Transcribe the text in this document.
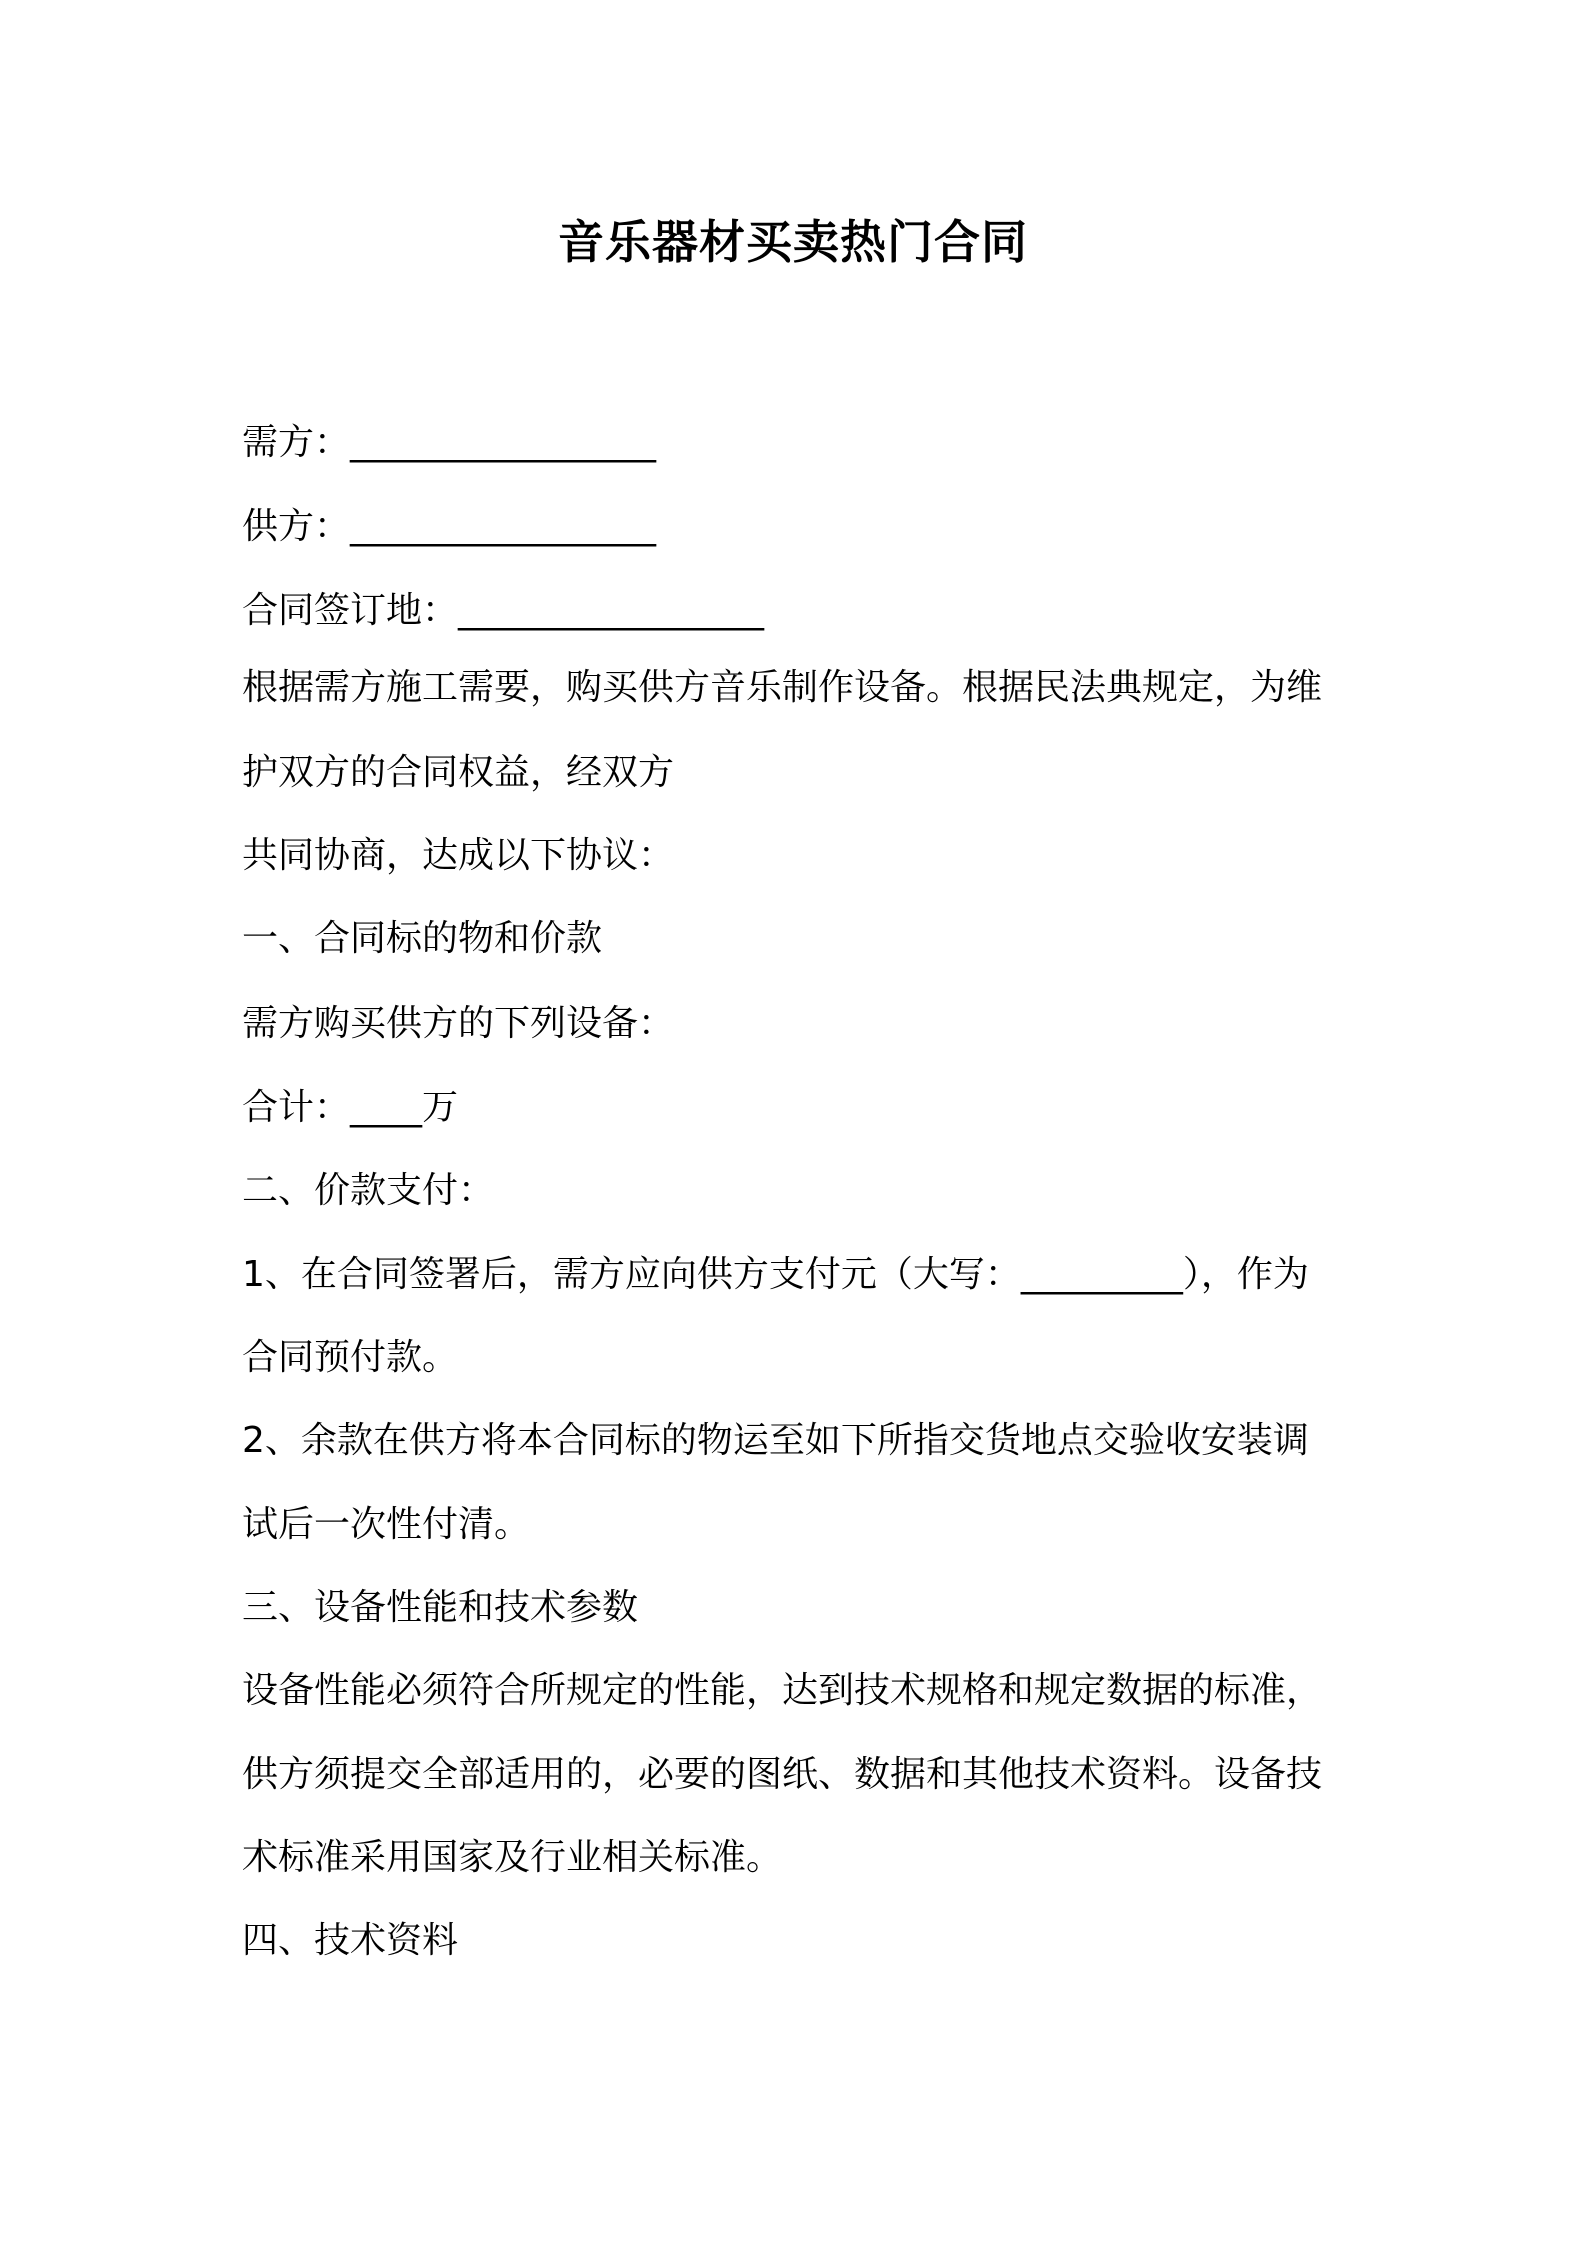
音乐器材买卖热门合同
需方：_________________
供方：_________________
合同签订地：_________________
根据需方施工需要，购买供方音乐制作设备。根据民法典规定，为维
护双方的合同权益，经双方
共同协商，达成以下协议：
一、合同标的物和价款
需方购买供方的下列设备：
合计：____万
二、价款支付：
1、在合同签署后，需方应向供方支付元（大写：_________），作为
合同预付款。
2、余款在供方将本合同标的物运至如下所指交货地点交验收安装调
试后一次性付清。
三、设备性能和技术参数
设备性能必须符合所规定的性能，达到技术规格和规定数据的标准，
供方须提交全部适用的，必要的图纸、数据和其他技术资料。设备技
术标准采用国家及行业相关标准。
四、技术资料
